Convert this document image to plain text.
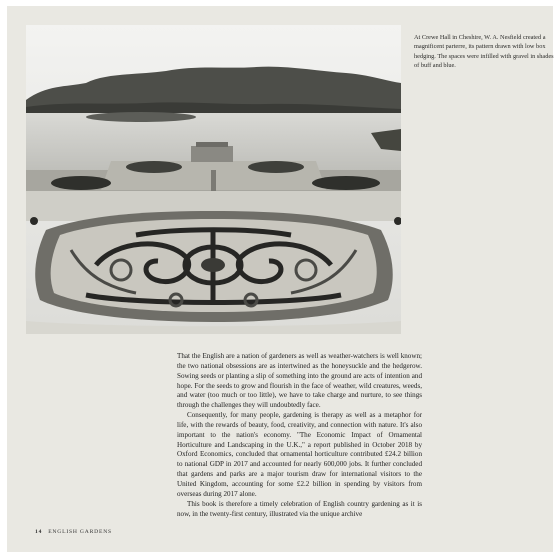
At Crewe Hall in Cheshire, W. A. Nesfield created a magnificent parterre, its pattern drawn with low box hedging. The spaces were infilled with gravel in shades of buff and blue.

That the English are a nation of gardeners as well as weather-watchers is well known; the two national obsessions are as intertwined as the honeysuckle and the hedgerow. Sowing seeds or planting a slip of something into the ground are acts of intention and hope. For the seeds to grow and flourish in the face of weather, wild creatures, weeds, and water (too much or too little), we have to take charge and nurture, to see things through the challenges they will undoubtedly face.

Consequently, for many people, gardening is therapy as well as a metaphor for life, with the rewards of beauty, food, creativity, and connection with nature. It's also important to the nation's economy. "The Economic Impact of Ornamental Horticulture and Landscaping in the U.K.," a report published in October 2018 by Oxford Economics, concluded that ornamental horticulture contributed £24.2 billion to national GDP in 2017 and accounted for nearly 600,000 jobs. It further concluded that gardens and parks are a major tourism draw for international visitors to the United Kingdom, accounting for some £2.2 billion in spending by visitors from overseas during 2017 alone.

This book is therefore a timely celebration of English country gardening as it is now, in the twenty-first century, illustrated via the unique archive

14 ENGLISH GARDENS
